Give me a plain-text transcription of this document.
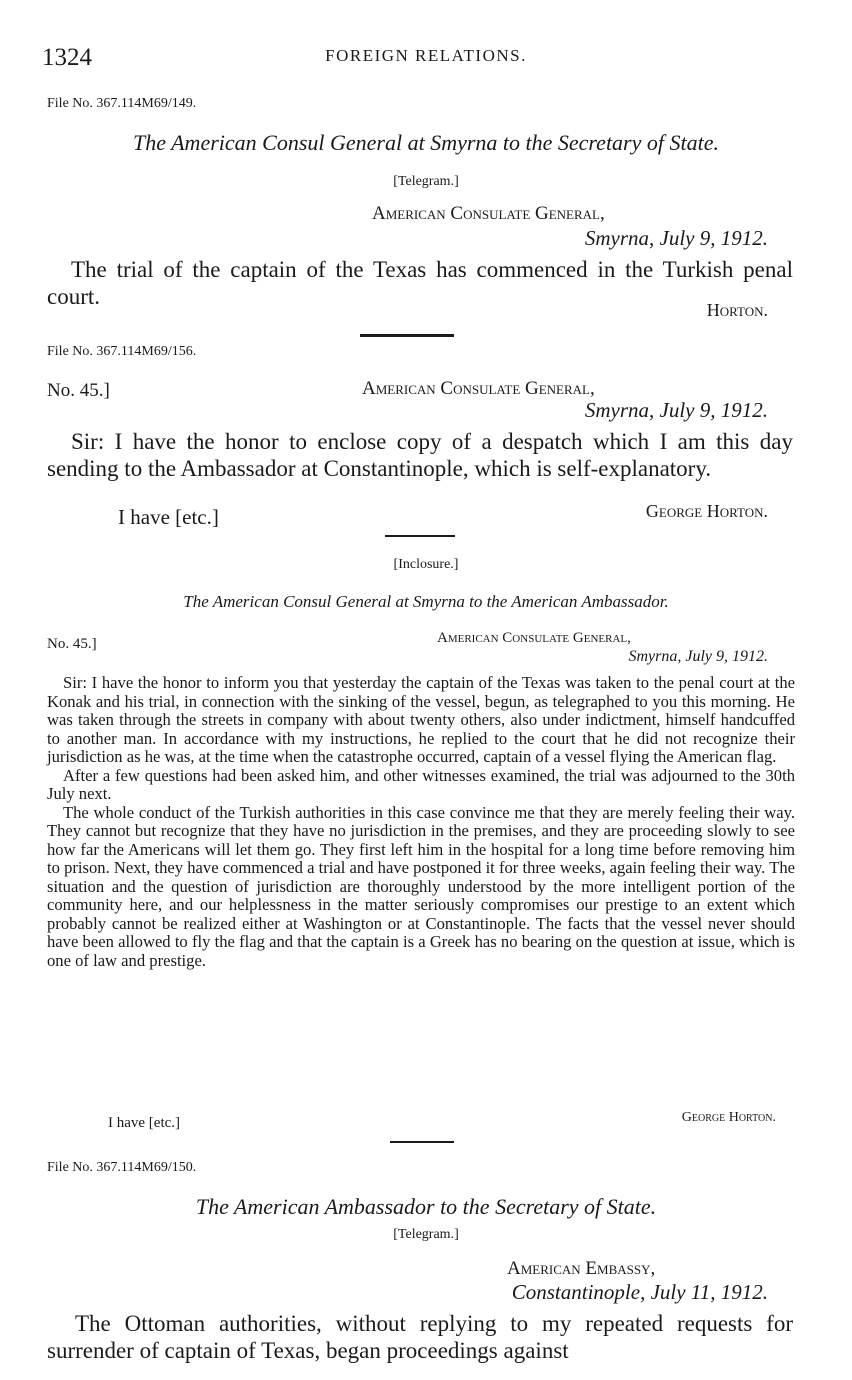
1324	FOREIGN RELATIONS.
File No. 367.114M69/149.
The American Consul General at Smyrna to the Secretary of State.
[Telegram.]
American Consulate General,
Smyrna, July 9, 1912.
The trial of the captain of the Texas has commenced in the Turkish penal court.
Horton.
File No. 367.114M69/156.
No. 45.]	American Consulate General,
Smyrna, July 9, 1912.
Sir: I have the honor to enclose copy of a despatch which I am this day sending to the Ambassador at Constantinople, which is self-explanatory.
I have [etc.]	George Horton.
[Inclosure.]
The American Consul General at Smyrna to the American Ambassador.
No. 45.]	American Consulate General,
Smyrna, July 9, 1912.

Sir: I have the honor to inform you that yesterday the captain of the Texas was taken to the penal court at the Konak and his trial, in connection with the sinking of the vessel, begun, as telegraphed to you this morning. He was taken through the streets in company with about twenty others, also under indictment, himself handcuffed to another man. In accordance with my instructions, he replied to the court that he did not recognize their jurisdiction as he was, at the time when the catastrophe occurred, captain of a vessel flying the American flag.

After a few questions had been asked him, and other witnesses examined, the trial was adjourned to the 30th July next.

The whole conduct of the Turkish authorities in this case convince me that they are merely feeling their way. They cannot but recognize that they have no jurisdiction in the premises, and they are proceeding slowly to see how far the Americans will let them go. They first left him in the hospital for a long time before removing him to prison. Next, they have commenced a trial and have postponed it for three weeks, again feeling their way. The situation and the question of jurisdiction are thoroughly understood by the more intelligent portion of the community here, and our helplessness in the matter seriously compromises our prestige to an extent which probably cannot be realized either at Washington or at Constantinople. The facts that the vessel never should have been allowed to fly the flag and that the captain is a Greek has no bearing on the question at issue, which is one of law and prestige.

I have [etc.]	George Horton.
File No. 367.114M69/150.
The American Ambassador to the Secretary of State.
[Telegram.]
American Embassy,
Constantinople, July 11, 1912.
The Ottoman authorities, without replying to my repeated requests for surrender of captain of Texas, began proceedings against
